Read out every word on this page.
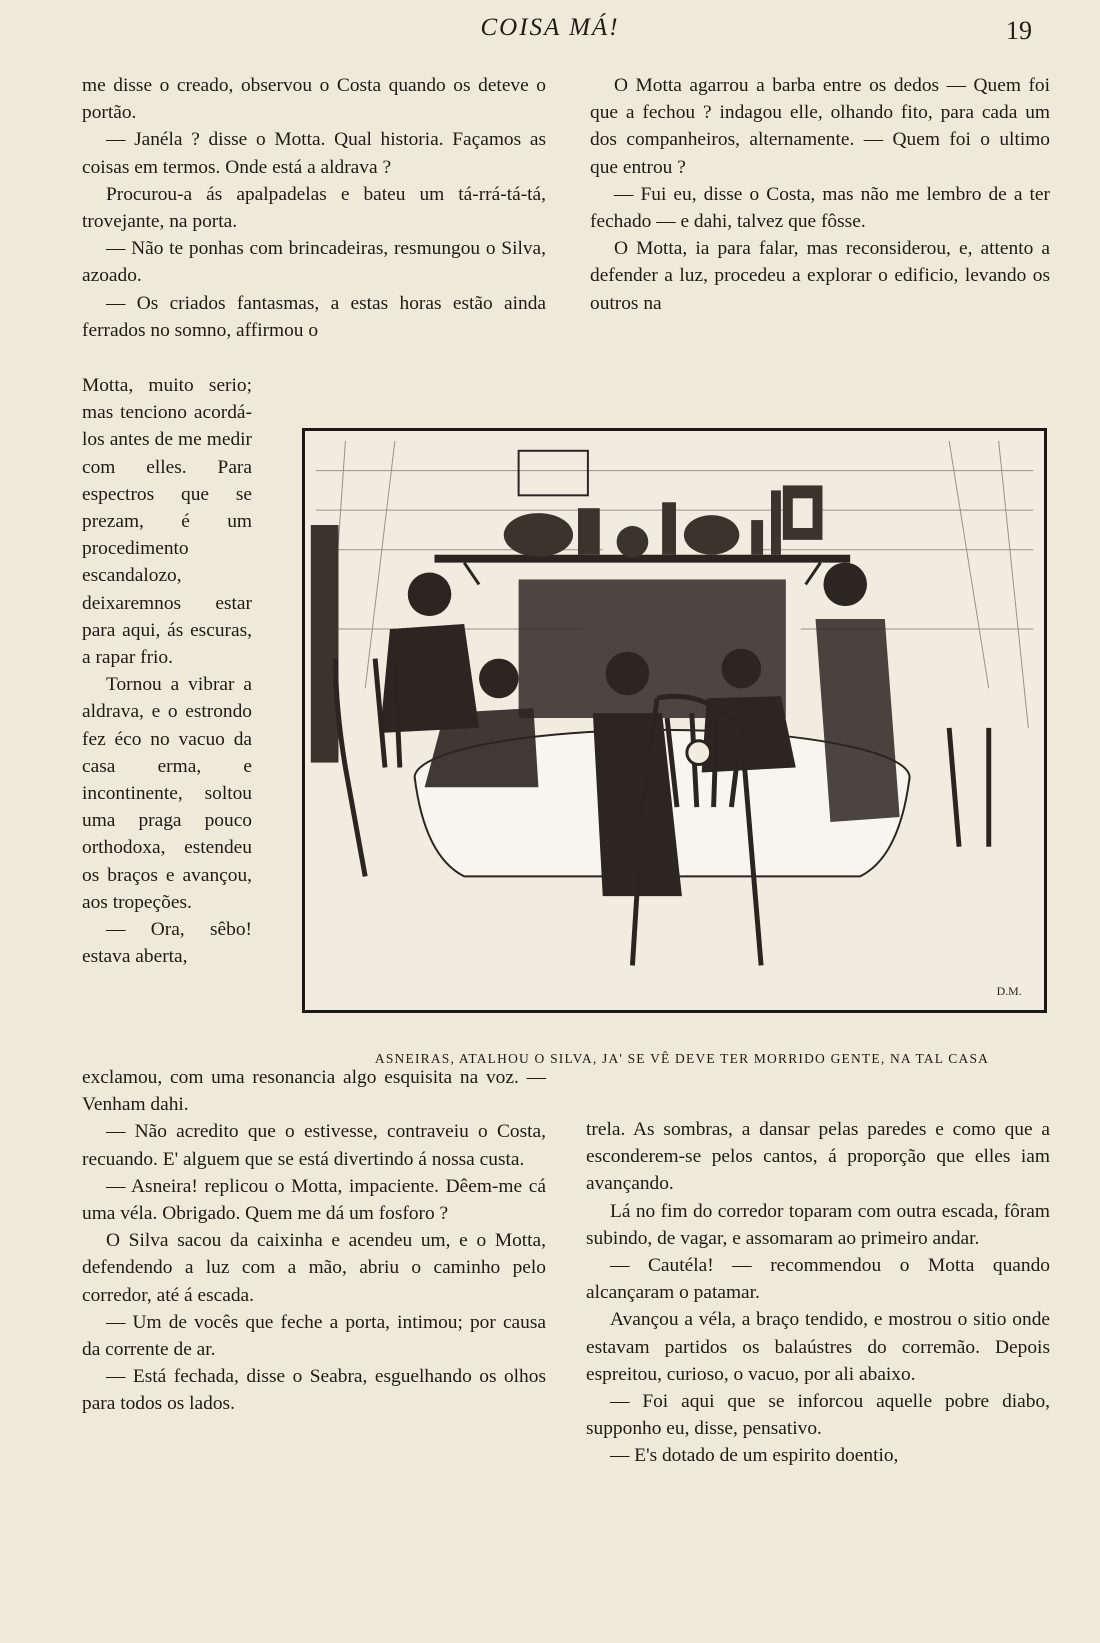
COISA MÁ!	19

me disse o creado, observou o Costa quando os deteve o portão.

— Janéla ? disse o Motta. Qual historia. Façamos as coisas em termos. Onde está a aldrava ?

Procurou-a ás apalpadelas e bateu um tá-rrá-tá-tá, trovejante, na porta.

— Não te ponhas com brincadeiras, resmungou o Silva, azoado.

— Os criados fantasmas, a estas horas estão ainda ferrados no somno, affirmou o

Motta, muito serio; mas tenciono acordá-los antes de me medir com elles. Para espectros que se prezam, é um procedimento escandalozo, deixaremnos estar para aqui, ás escuras, a rapar frio.

Tornou a vibrar a aldrava, e o estrondo fez éco no vacuo da casa erma, e incontinente, soltou uma praga pouco orthodoxa, estendeu os braços e avançou, aos tropeções.

— Ora, sêbo! estava aberta,

exclamou, com uma resonancia algo esquisita na voz. — Venham dahi.

— Não acredito que o estivesse, contraveiu o Costa, recuando. E' alguem que se está divertindo á nossa custa.

— Asneira! replicou o Motta, impaciente. Dêem-me cá uma véla. Obrigado. Quem me dá um fosforo ?

O Silva sacou da caixinha e acendeu um, e o Motta, defendendo a luz com a mão, abriu o caminho pelo corredor, até á escada.

— Um de vocês que feche a porta, intimou; por causa da corrente de ar.

— Está fechada, disse o Seabra, esguelhando os olhos para todos os lados.

O Motta agarrou a barba entre os dedos — Quem foi que a fechou ? indagou elle, olhando fito, para cada um dos companheiros, alternamente. — Quem foi o ultimo que entrou ?

— Fui eu, disse o Costa, mas não me lembro de a ter fechado — e dahi, talvez que fôsse.

O Motta, ia para falar, mas reconsiderou, e, attento a defender a luz, procedeu a explorar o edificio, levando os outros na

D.M.
ASNEIRAS, ATALHOU O SILVA, JA' SE VÊ DEVE TER MORRIDO GENTE, NA TAL CASA

trela. As sombras, a dansar pelas paredes e como que a esconderem-se pelos cantos, á proporção que elles iam avançando.

Lá no fim do corredor toparam com outra escada, fôram subindo, de vagar, e assomaram ao primeiro andar.

— Cautéla! — recommendou o Motta quando alcançaram o patamar.

Avançou a véla, a braço tendido, e mostrou o sitio onde estavam partidos os balaústres do corremão. Depois espreitou, curioso, o vacuo, por ali abaixo.

— Foi aqui que se inforcou aquelle pobre diabo, supponho eu, disse, pensativo.

— E's dotado de um espirito doentio,
